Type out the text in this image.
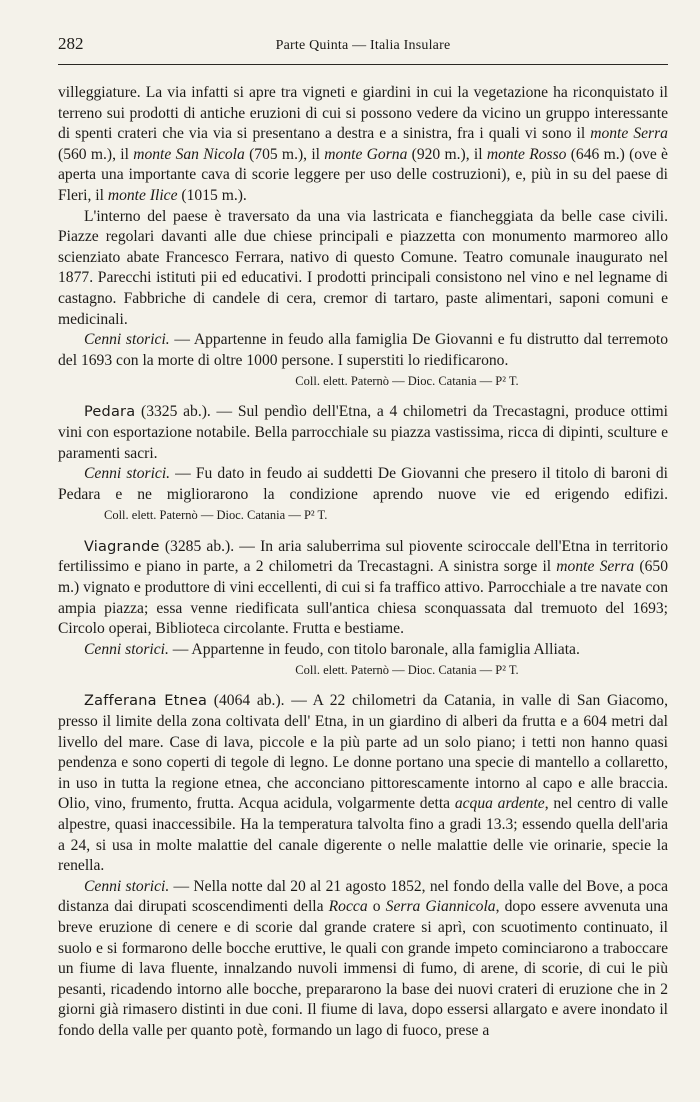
282	Parte Quinta — Italia Insulare

villeggiature. La via infatti si apre tra vigneti e giardini in cui la vegetazione ha riconquistato il terreno sui prodotti di antiche eruzioni di cui si possono vedere da vicino un gruppo interessante di spenti crateri che via via si presentano a destra e a sinistra, fra i quali vi sono il monte Serra (560 m.), il monte San Nicola (705 m.), il monte Gorna (920 m.), il monte Rosso (646 m.) (ove è aperta una importante cava di scorie leggere per uso delle costruzioni), e, più in su del paese di Fleri, il monte Ilice (1015 m.).

L'interno del paese è traversato da una via lastricata e fiancheggiata da belle case civili. Piazze regolari davanti alle due chiese principali e piazzetta con monumento marmoreo allo scienziato abate Francesco Ferrara, nativo di questo Comune. Teatro comunale inaugurato nel 1877. Parecchi istituti pii ed educativi. I prodotti principali consistono nel vino e nel legname di castagno. Fabbriche di candele di cera, cremor di tartaro, paste alimentari, saponi comuni e medicinali.

Cenni storici. — Appartenne in feudo alla famiglia De Giovanni e fu distrutto dal terremoto del 1693 con la morte di oltre 1000 persone. I superstiti lo riedificarono.

Coll. elett. Paternò — Dioc. Catania — P² T.

Pedara (3325 ab.). — Sul pendìo dell'Etna, a 4 chilometri da Trecastagni, produce ottimi vini con esportazione notabile. Bella parrocchiale su piazza vastissima, ricca di dipinti, sculture e paramenti sacri.

Cenni storici. — Fu dato in feudo ai suddetti De Giovanni che presero il titolo di baroni di Pedara e ne migliorarono la condizione aprendo nuove vie ed erigendo edifizi.Coll. elett. Paternò — Dioc. Catania — P² T.

Viagrande (3285 ab.). — In aria saluberrima sul piovente sciroccale dell'Etna in territorio fertilissimo e piano in parte, a 2 chilometri da Trecastagni. A sinistra sorge il monte Serra (650 m.) vignato e produttore di vini eccellenti, di cui si fa traffico attivo. Parrocchiale a tre navate con ampia piazza; essa venne riedificata sull'antica chiesa sconquassata dal tremuoto del 1693; Circolo operai, Biblioteca circolante. Frutta e bestiame.

Cenni storici. — Appartenne in feudo, con titolo baronale, alla famiglia Alliata.

Coll. elett. Paternò — Dioc. Catania — P² T.

Zafferana Etnea (4064 ab.). — A 22 chilometri da Catania, in valle di San Giacomo, presso il limite della zona coltivata dell' Etna, in un giardino di alberi da frutta e a 604 metri dal livello del mare. Case di lava, piccole e la più parte ad un solo piano; i tetti non hanno quasi pendenza e sono coperti di tegole di legno. Le donne portano una specie di mantello a collaretto, in uso in tutta la regione etnea, che acconciano pittorescamente intorno al capo e alle braccia. Olio, vino, frumento, frutta. Acqua acidula, volgarmente detta acqua ardente, nel centro di valle alpestre, quasi inaccessibile. Ha la temperatura talvolta fino a gradi 13.3; essendo quella dell'aria a 24, si usa in molte malattie del canale digerente o nelle malattie delle vie orinarie, specie la renella.

Cenni storici. — Nella notte dal 20 al 21 agosto 1852, nel fondo della valle del Bove, a poca distanza dai dirupati scoscendimenti della Rocca o Serra Giannicola, dopo essere avvenuta una breve eruzione di cenere e di scorie dal grande cratere si aprì, con scuotimento continuato, il suolo e si formarono delle bocche eruttive, le quali con grande impeto cominciarono a traboccare un fiume di lava fluente, innalzando nuvoli immensi di fumo, di arene, di scorie, di cui le più pesanti, ricadendo intorno alle bocche, prepararono la base dei nuovi crateri di eruzione che in 2 giorni già rimasero distinti in due coni. Il fiume di lava, dopo essersi allargato e avere inondato il fondo della valle per quanto potè, formando un lago di fuoco, prese a
